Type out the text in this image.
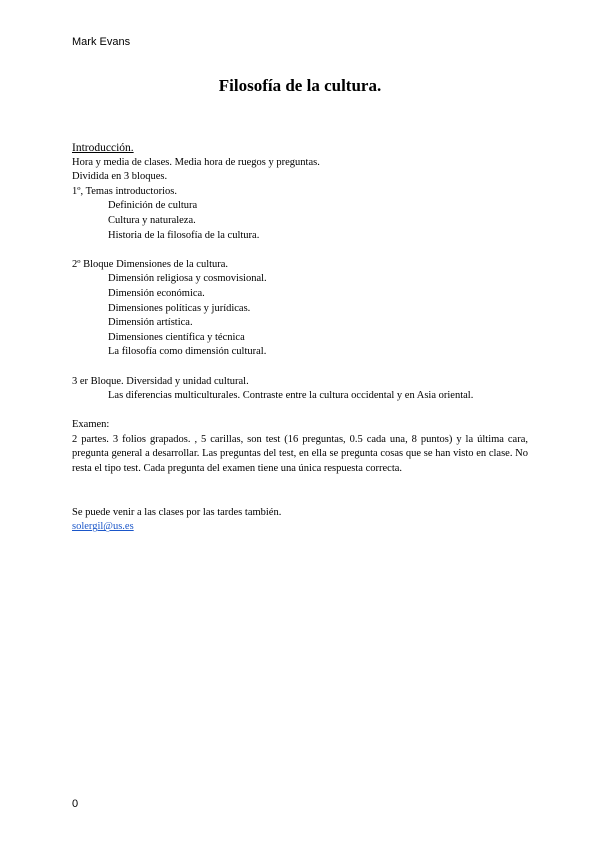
Mark Evans
Filosofía de la cultura.
Introducción.
Hora y media de clases. Media hora de ruegos y preguntas.
Dividida en 3 bloques.
1º, Temas introductorios.
Definición de cultura
Cultura y naturaleza.
Historia de la filosofía de la cultura.
2º Bloque Dimensiones de la cultura.
Dimensión religiosa y cosmovisional.
Dimensión económica.
Dimensiones políticas y jurídicas.
Dimensión artística.
Dimensiones científica y técnica
La filosofía como dimensión cultural.
3 er Bloque. Diversidad y unidad cultural.
Las diferencias multiculturales. Contraste entre la cultura occidental y en Asia oriental.
Examen:
2 partes. 3 folios grapados. , 5 carillas, son test (16 preguntas, 0.5 cada una, 8 puntos) y la última cara, pregunta general a desarrollar. Las preguntas del test, en ella se pregunta cosas que se han visto en clase. No resta el tipo test. Cada pregunta del examen tiene una única respuesta correcta.
Se puede venir a las clases por las tardes también.
solergil@us.es
0
